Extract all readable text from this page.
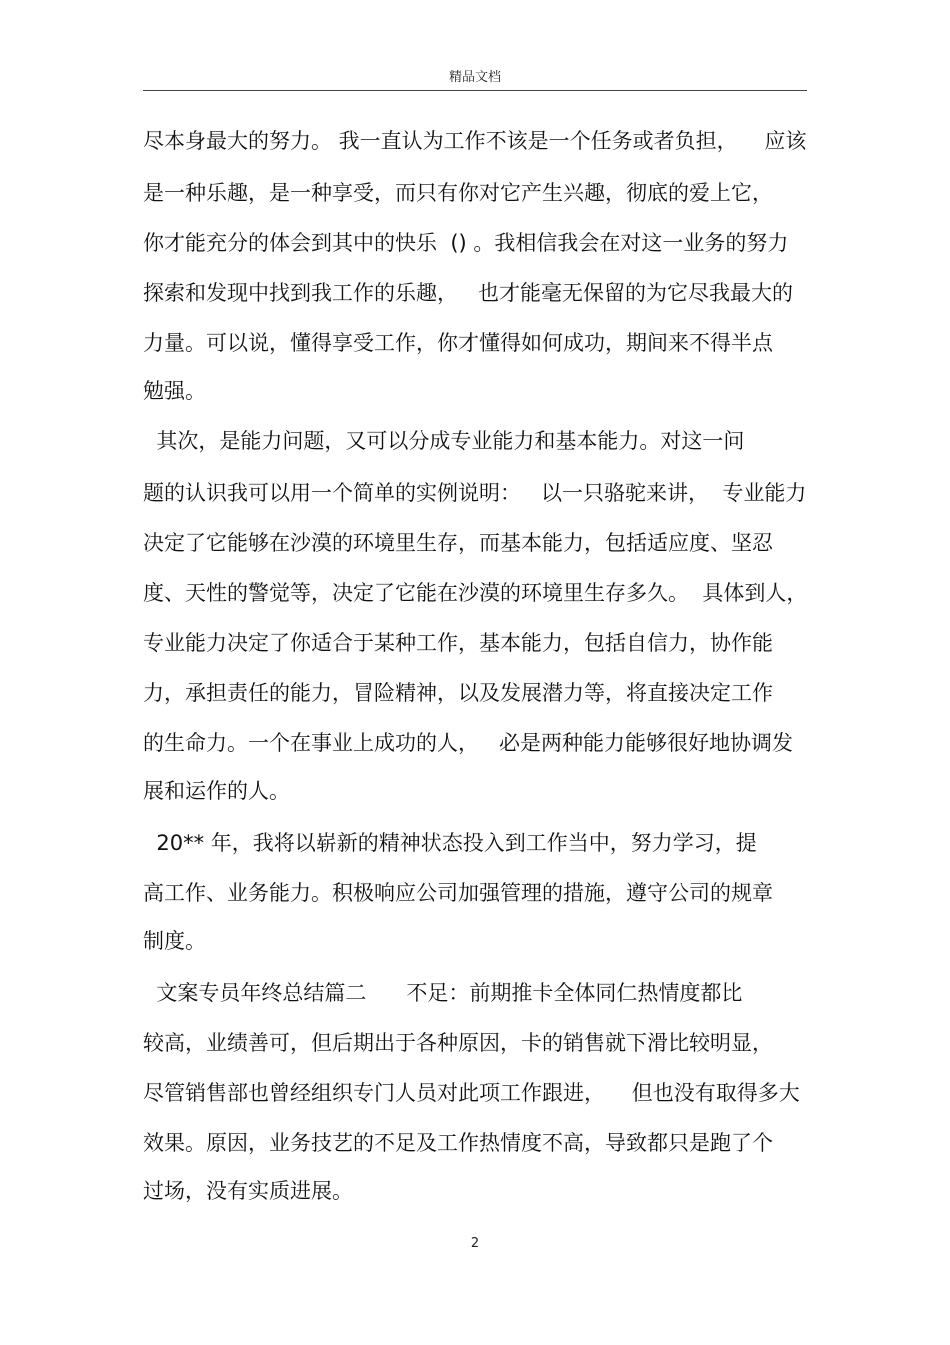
精品文档
尽本身最大的努力。 我一直认为工作不该是一个任务或者负担，    应该
是一种乐趣，是一种享受，而只有你对它产生兴趣，彻底的爱上它，
你才能充分的体会到其中的快乐  () 。我相信我会在对这一业务的努力
探索和发现中找到我工作的乐趣，   也才能毫无保留的为它尽我最大的
力量。可以说，懂得享受工作，你才懂得如何成功，期间来不得半点
勉强。
其次，是能力问题，又可以分成专业能力和基本能力。对这一问
题的认识我可以用一个简单的实例说明：   以一只骆驼来讲，  专业能力
决定了它能够在沙漠的环境里生存，而基本能力，包括适应度、坚忍
度、天性的警觉等，决定了它能在沙漠的环境里生存多久。  具体到人，
专业能力决定了你适合于某种工作，基本能力，包括自信力，协作能
力，承担责任的能力，冒险精神，以及发展潜力等，将直接决定工作
的生命力。一个在事业上成功的人，   必是两种能力能够很好地协调发
展和运作的人。
20** 年，我将以崭新的精神状态投入到工作当中，努力学习，提
高工作、业务能力。积极响应公司加强管理的措施，遵守公司的规章
制度。
文案专员年终总结篇二      不足：前期推卡全体同仁热情度都比
较高，业绩善可，但后期出于各种原因，卡的销售就下滑比较明显，
尽管销售部也曾经组织专门人员对此项工作跟进，    但也没有取得多大
效果。原因，业务技艺的不足及工作热情度不高，导致都只是跑了个
过场，没有实质进展。
2
